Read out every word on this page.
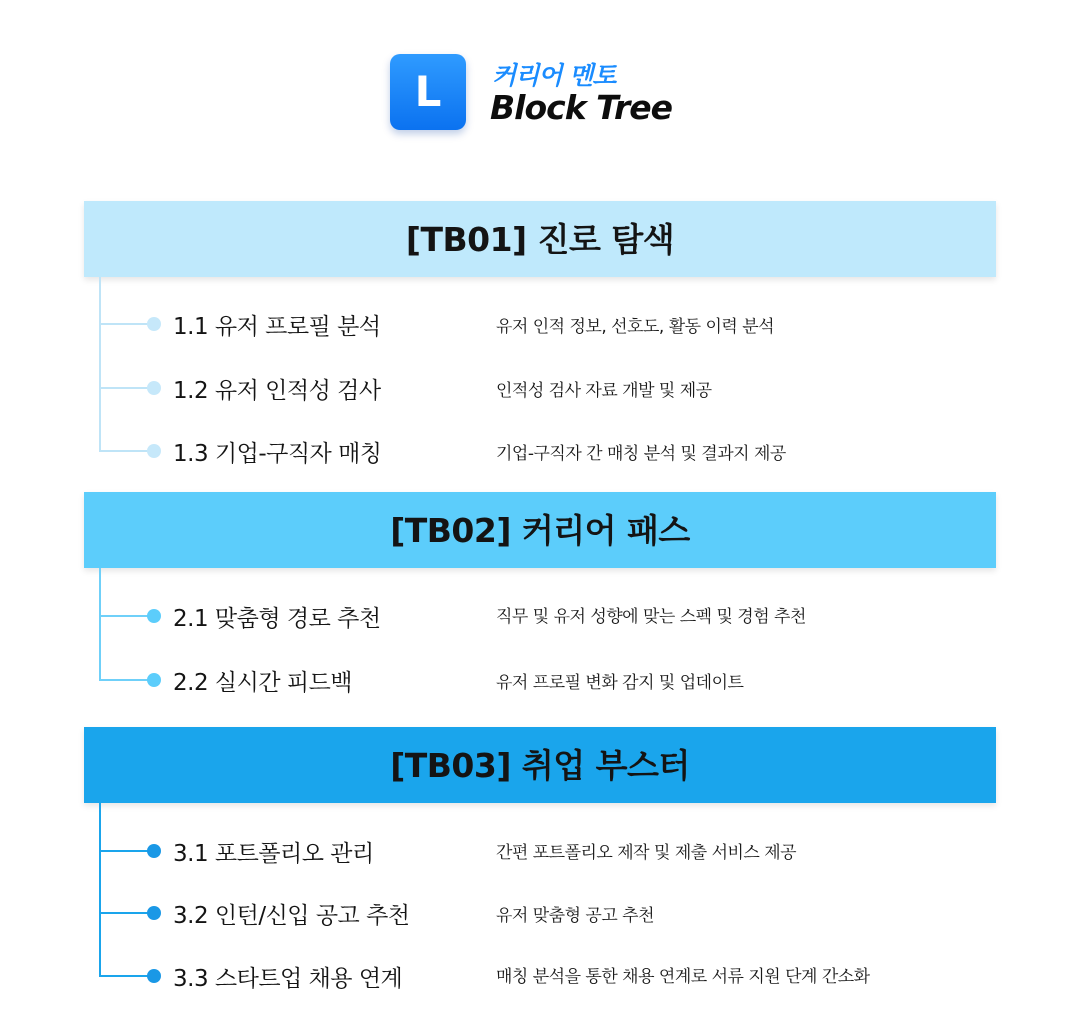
L	커리어 멘토
Block Tree
[TB01] 진로 탐색
1.1 유저 프로필 분석	유저 인적 정보, 선호도, 활동 이력 분석
1.2 유저 인적성 검사	인적성 검사 자료 개발 및 제공
1.3 기업-구직자 매칭	기업-구직자 간 매칭 분석 및 결과지 제공
[TB02] 커리어 패스
2.1 맞춤형 경로 추천	직무 및 유저 성향에 맞는 스펙 및 경험 추천
2.2 실시간 피드백	유저 프로필 변화 감지 및 업데이트
[TB03] 취업 부스터
3.1 포트폴리오 관리	간편 포트폴리오 제작 및 제출 서비스 제공
3.2 인턴/신입 공고 추천	유저 맞춤형 공고 추천
3.3 스타트업 채용 연계	매칭 분석을 통한 채용 연계로 서류 지원 단계 간소화
